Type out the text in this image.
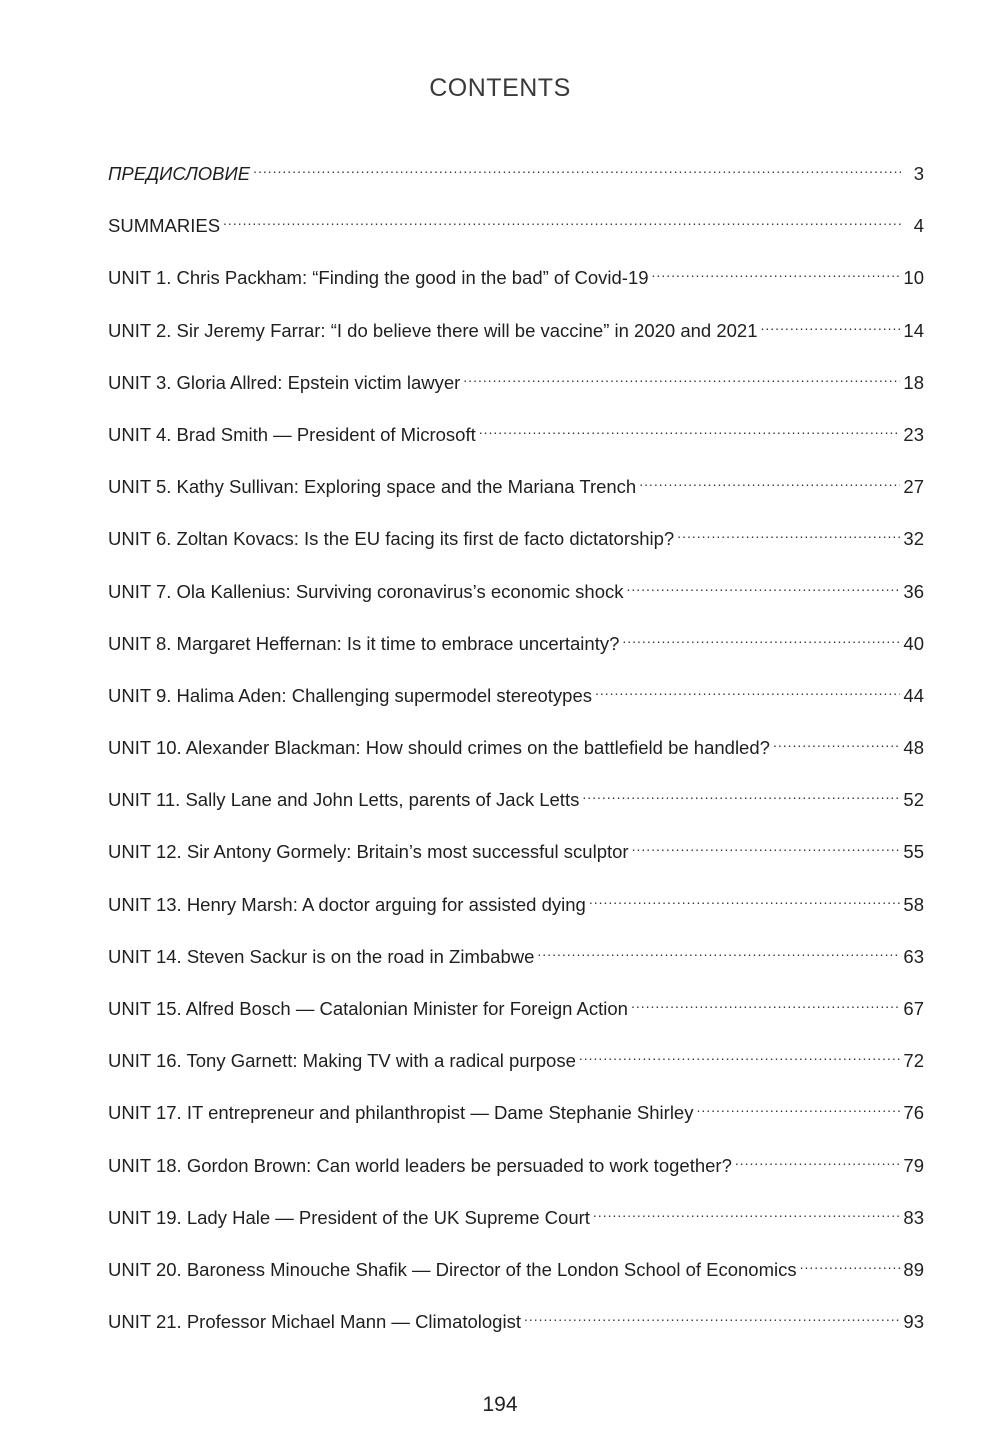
CONTENTS
ПРЕДИСЛОВИЕ .....	3
SUMMARIES .....	4
UNIT 1. Chris Packham: “Finding the good in the bad” of Covid-19 .....	10
UNIT 2. Sir Jeremy Farrar: “I do believe there will be vaccine” in 2020 and 2021 .....	14
UNIT 3. Gloria Allred: Epstein victim lawyer .....	18
UNIT 4. Brad Smith — President of Microsoft .....	23
UNIT 5. Kathy Sullivan: Exploring space and the Mariana Trench .....	27
UNIT 6. Zoltan Kovacs: Is the EU facing its first de facto dictatorship? .....	32
UNIT 7. Ola Kallenius: Surviving coronavirus’s economic shock .....	36
UNIT 8. Margaret Heffernan: Is it time to embrace uncertainty? .....	40
UNIT 9. Halima Aden: Challenging supermodel stereotypes .....	44
UNIT 10. Alexander Blackman: How should crimes on the battlefield be handled? .....	48
UNIT 11. Sally Lane and John Letts, parents of Jack Letts .....	52
UNIT 12. Sir Antony Gormely: Britain’s most successful sculptor .....	55
UNIT 13. Henry Marsh: A doctor arguing for assisted dying .....	58
UNIT 14. Steven Sackur is on the road in Zimbabwe .....	63
UNIT 15. Alfred Bosch — Catalonian Minister for Foreign Action .....	67
UNIT 16. Tony Garnett: Making TV with a radical purpose .....	72
UNIT 17. IT entrepreneur and philanthropist — Dame Stephanie Shirley .....	76
UNIT 18. Gordon Brown: Can world leaders be persuaded to work together? .....	79
UNIT 19. Lady Hale — President of the UK Supreme Court .....	83
UNIT 20. Baroness Minouche Shafik — Director of the London School of Economics .....	89
UNIT 21. Professor Michael Mann — Climatologist .....	93
194
